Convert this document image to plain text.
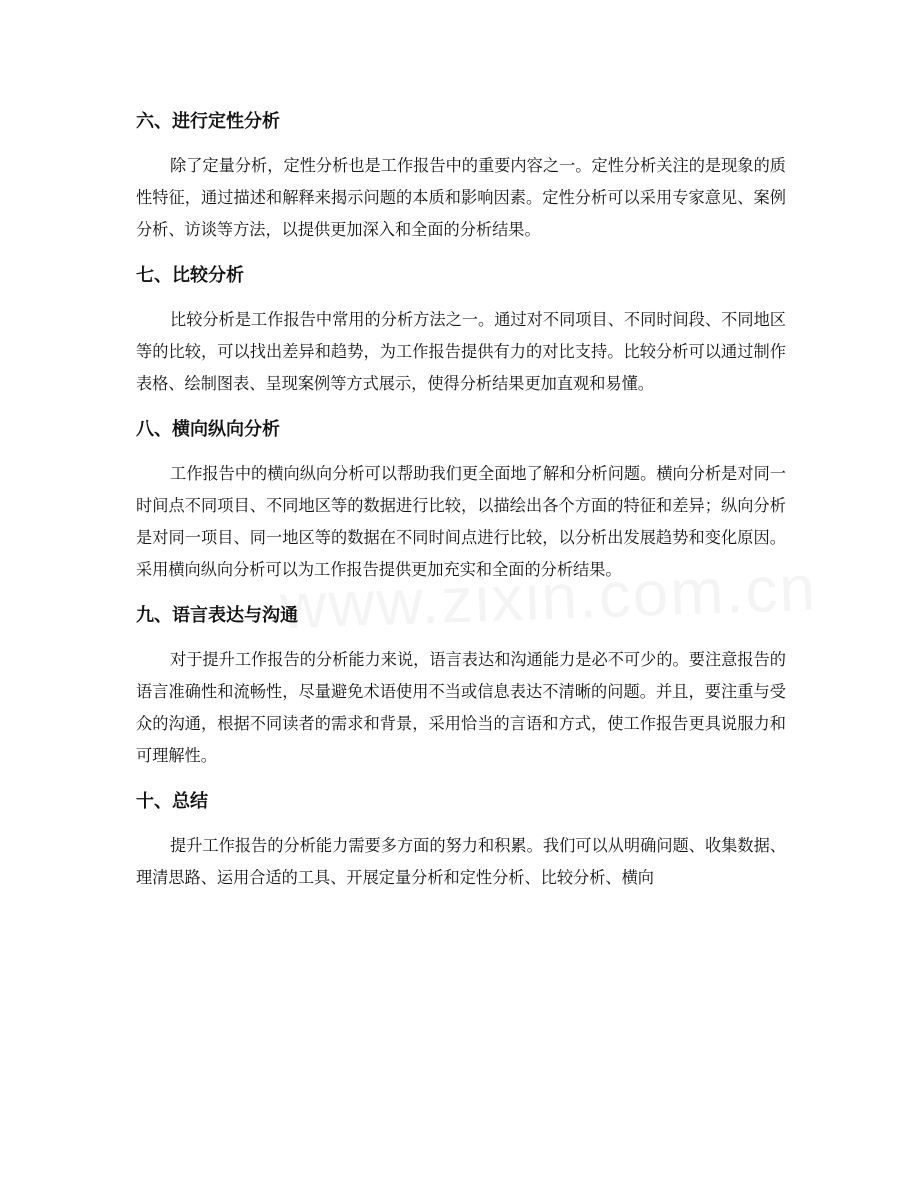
六、进行定性分析

除了定量分析，定性分析也是工作报告中的重要内容之一。定性分析关注的是现象的质性特征，通过描述和解释来揭示问题的本质和影响因素。定性分析可以采用专家意见、案例分析、访谈等方法，以提供更加深入和全面的分析结果。

七、比较分析

比较分析是工作报告中常用的分析方法之一。通过对不同项目、不同时间段、不同地区等的比较，可以找出差异和趋势，为工作报告提供有力的对比支持。比较分析可以通过制作表格、绘制图表、呈现案例等方式展示，使得分析结果更加直观和易懂。

八、横向纵向分析

工作报告中的横向纵向分析可以帮助我们更全面地了解和分析问题。横向分析是对同一时间点不同项目、不同地区等的数据进行比较，以描绘出各个方面的特征和差异；纵向分析是对同一项目、同一地区等的数据在不同时间点进行比较，以分析出发展趋势和变化原因。采用横向纵向分析可以为工作报告提供更加充实和全面的分析结果。

九、语言表达与沟通

对于提升工作报告的分析能力来说，语言表达和沟通能力是必不可少的。要注意报告的语言准确性和流畅性，尽量避免术语使用不当或信息表达不清晰的问题。并且，要注重与受众的沟通，根据不同读者的需求和背景，采用恰当的言语和方式，使工作报告更具说服力和可理解性。

十、总结

提升工作报告的分析能力需要多方面的努力和积累。我们可以从明确问题、收集数据、理清思路、运用合适的工具、开展定量分析和定性分析、比较分析、横向
